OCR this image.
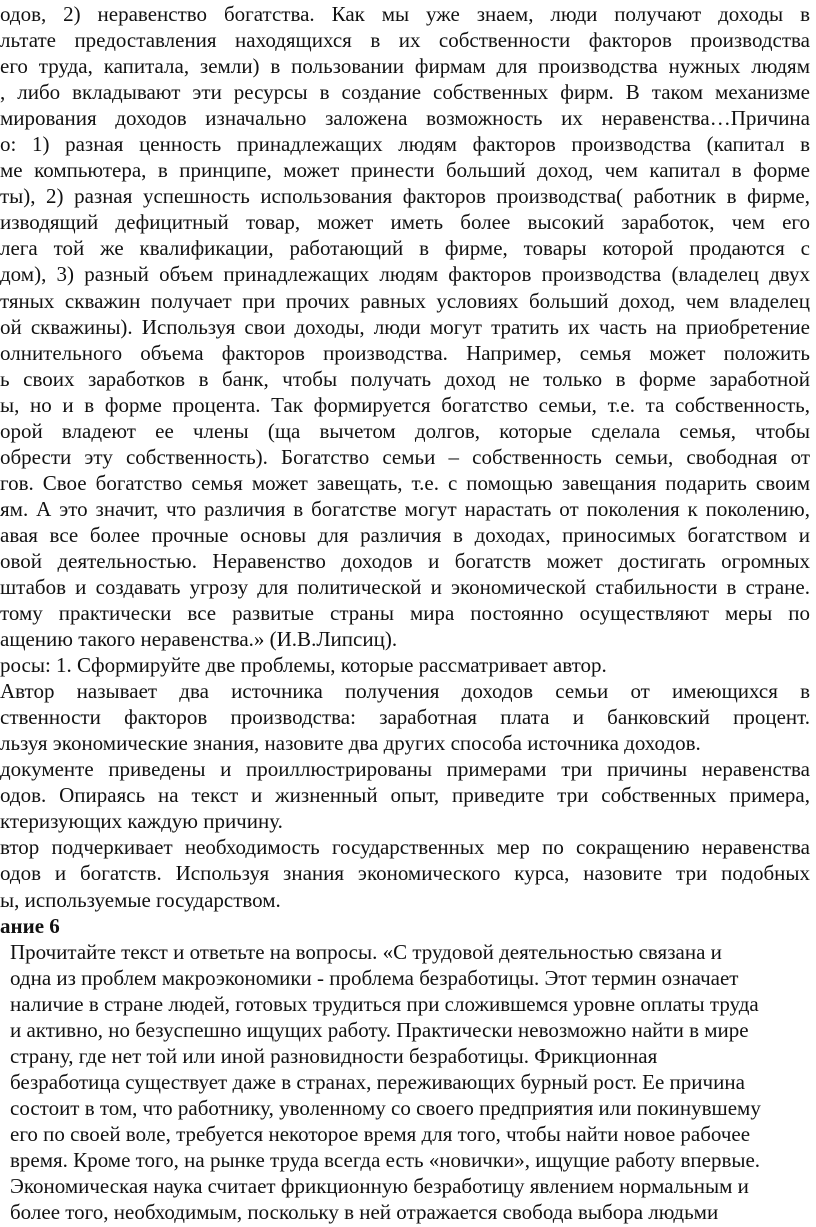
одов, 2) неравенство богатства. Как мы уже знаем, люди получают доходы в
льтате предоставления находящихся в их собственности факторов производства
его труда, капитала, земли) в пользовании фирмам для производства нужных людям
, либо вкладывают эти ресурсы в создание собственных фирм. В таком механизме
мирования доходов изначально заложена возможность их неравенства…Причина
о: 1) разная ценность принадлежащих людям факторов производства (капитал в
ме компьютера, в принципе, может принести больший доход, чем капитал в форме
ты), 2) разная успешность использования факторов производства( работник в фирме,
изводящий дефицитный товар, может иметь более высокий заработок, чем его
лега той же квалификации, работающий в фирме, товары которой продаются с
дом), 3) разный объем принадлежащих людям факторов производства (владелец двух
тяных скважин получает при прочих равных условиях больший доход, чем владелец
ой скважины). Используя свои доходы, люди могут тратить их часть на приобретение
олнительного объема факторов производства. Например, семья может положить
ь своих заработков в банк, чтобы получать доход не только в форме заработной
ы, но и в форме процента. Так формируется богатство семьи, т.е. та собственность,
орой владеют ее члены (ща вычетом долгов, которые сделала семья, чтобы
обрести эту собственность). Богатство семьи – собственность семьи, свободная от
гов. Свое богатство семья может завещать, т.е. с помощью завещания подарить своим
ям. А это значит, что различия в богатстве могут нарастать от поколения к поколению,
авая все более прочные основы для различия в доходах, приносимых богатством и
овой деятельностью. Неравенство доходов и богатств может достигать огромных
штабов и создавать угрозу для политической и экономической стабильности в стране.
тому практически все развитые страны мира постоянно осуществляют меры по
ащению такого неравенства.» (И.В.Липсиц).
росы: 1. Сформируйте две проблемы, которые рассматривает автор.
Автор называет два источника получения доходов семьи от имеющихся в
ственности факторов производства: заработная плата и банковский процент.
льзуя экономические знания, назовите два других способа источника доходов.
документе приведены и проиллюстрированы примерами три причины неравенства
одов. Опираясь на текст и жизненный опыт, приведите три собственных примера,
ктеризующих каждую причину.
втор подчеркивает необходимость государственных мер по сокращению неравенства
одов и богатств. Используя знания экономического курса, назовите три подобных
ы, используемые государством.
ание 6
Прочитайте текст и ответьте на вопросы. «С трудовой деятельностью связана и
одна из проблем макроэкономики - проблема безработицы. Этот термин означает
наличие в стране людей, готовых трудиться при сложившемся уровне оплаты труда
и активно, но безуспешно ищущих работу. Практически невозможно найти в мире
страну, где нет той или иной разновидности безработицы. Фрикционная
безработица существует даже в странах, переживающих бурный рост. Ее причина
состоит в том, что работнику, уволенному со своего предприятия или покинувшему
его по своей воле, требуется некоторое время для того, чтобы найти новое рабочее
время. Кроме того, на рынке труда всегда есть «новички», ищущие работу впервые.
Экономическая наука считает фрикционную безработицу явлением нормальным и
более того, необходимым, поскольку в ней отражается свобода выбора людьми
